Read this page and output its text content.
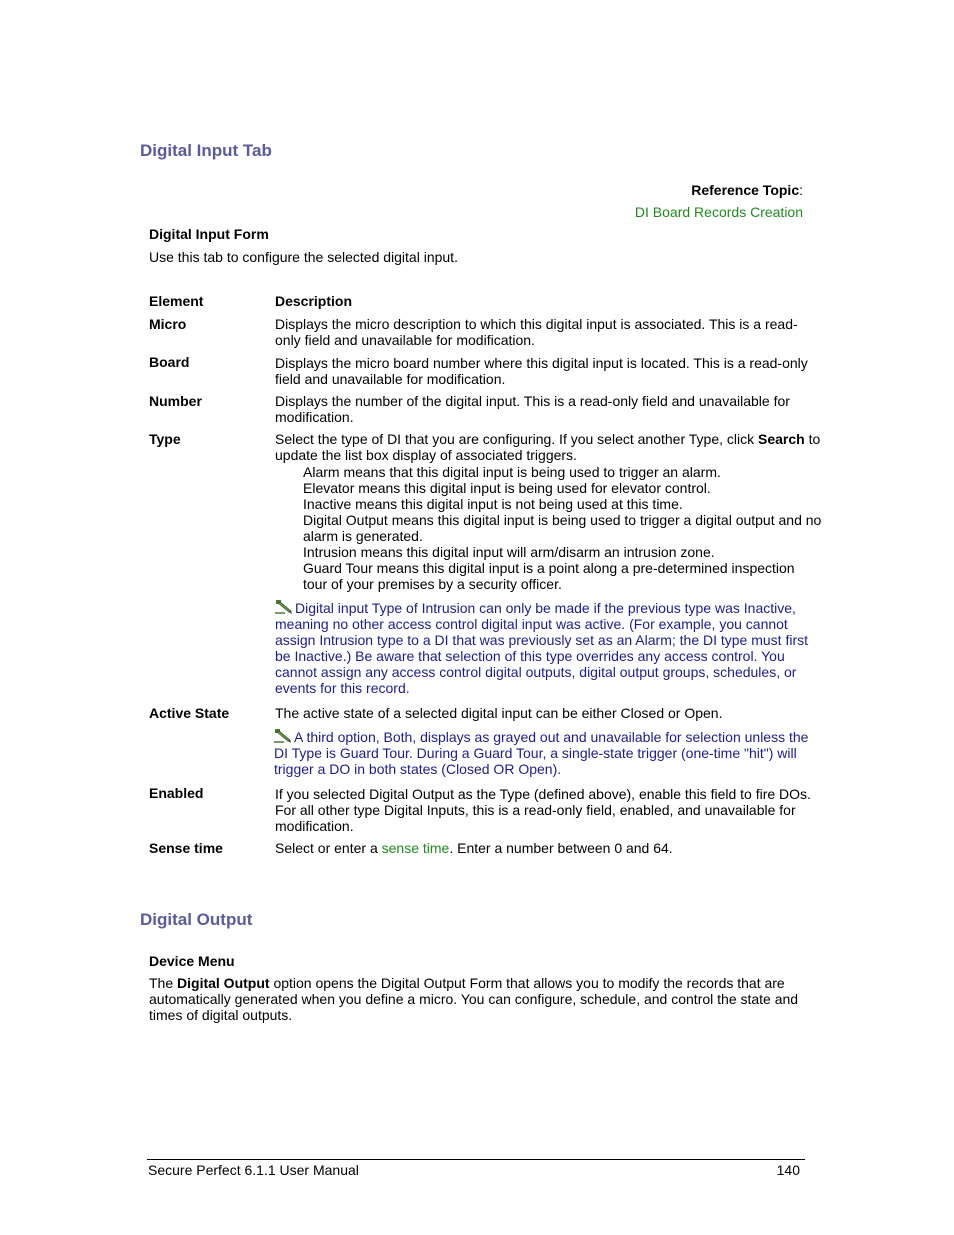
Digital Input Tab
Reference Topic:
DI Board Records Creation
Digital Input Form
Use this tab to configure the selected digital input.
Element	Description
Micro	Displays the micro description to which this digital input is associated. This is a read-
only field and unavailable for modification.
Board	Displays the micro board number where this digital input is located. This is a read-only
field and unavailable for modification.
Number	Displays the number of the digital input. This is a read-only field and unavailable for
modification.
Type	Select the type of DI that you are configuring. If you select another Type, click Search to
update the list box display of associated triggers.
Alarm means that this digital input is being used to trigger an alarm.
Elevator means this digital input is being used for elevator control.
Inactive means this digital input is not being used at this time.
Digital Output means this digital input is being used to trigger a digital output and no
alarm is generated.
Intrusion means this digital input will arm/disarm an intrusion zone.
Guard Tour means this digital input is a point along a pre-determined inspection
tour of your premises by a security officer.
Digital input Type of Intrusion can only be made if the previous type was Inactive,
meaning no other access control digital input was active. (For example, you cannot
assign Intrusion type to a DI that was previously set as an Alarm; the DI type must first
be Inactive.) Be aware that selection of this type overrides any access control. You
cannot assign any access control digital outputs, digital output groups, schedules, or
events for this record.
Active State	The active state of a selected digital input can be either Closed or Open.
A third option, Both, displays as grayed out and unavailable for selection unless the
DI Type is Guard Tour. During a Guard Tour, a single-state trigger (one-time "hit") will
trigger a DO in both states (Closed OR Open).
Enabled	If you selected Digital Output as the Type (defined above), enable this field to fire DOs.
For all other type Digital Inputs, this is a read-only field, enabled, and unavailable for
modification.
Sense time	Select or enter a sense time. Enter a number between 0 and 64.
Digital Output
Device Menu
The Digital Output option opens the Digital Output Form that allows you to modify the records that are
automatically generated when you define a micro. You can configure, schedule, and control the state and
times of digital outputs.
Secure Perfect 6.1.1 User Manual	140
